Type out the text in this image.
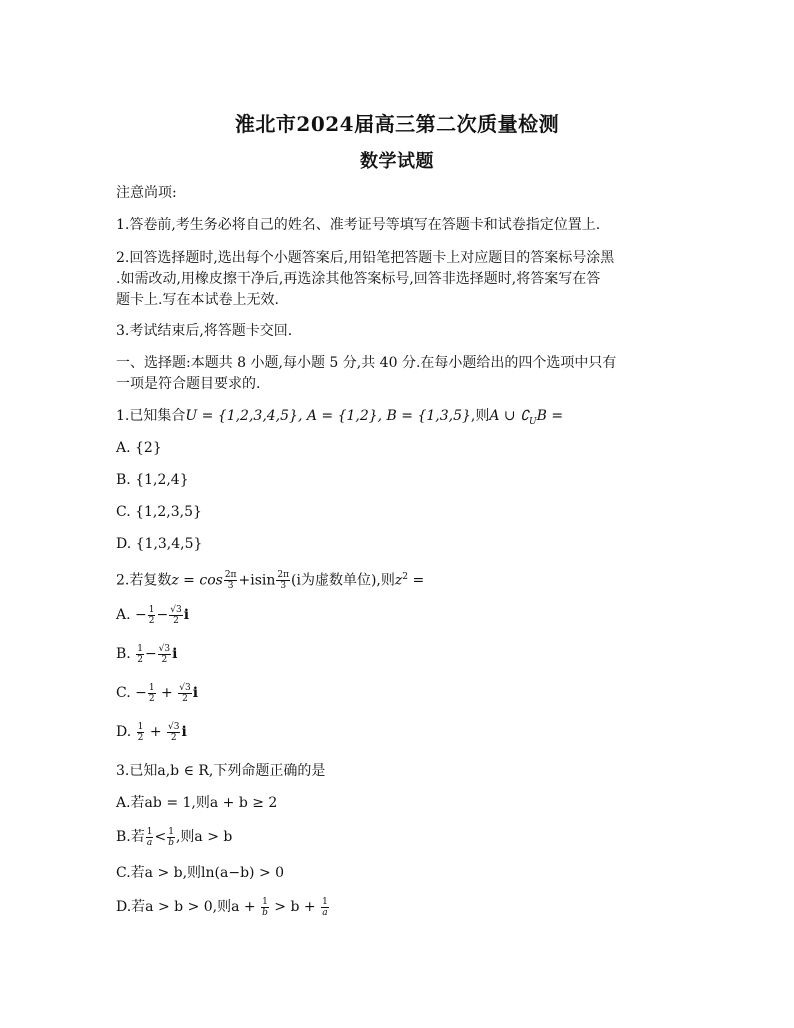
淮北市2024届高三第二次质量检测
数学试题
注意尚项:
1.答卷前,考生务必将自己的姓名、准考证号等填写在答题卡和试卷指定位置上.
2.回答选择题时,选出每个小题答案后,用铅笔把答题卡上对应题目的答案标号涂黑
.如需改动,用橡皮擦干净后,再选涂其他答案标号,回答非选择题时,将答案写在答
题卡上.写在本试卷上无效.
3.考试结束后,将答题卡交回.
一、选择题:本题共 8 小题,每小题 5 分,共 40 分.在每小题给出的四个选项中只有
一项是符合题目要求的.
1.已知集合U = {1,2,3,4,5}, A = {1,2}, B = {1,3,5},则A ∪ $∁_UB$ =
A. {2}
B. {1,2,4}
C. {1,2,3,5}
D. {1,3,4,5}
2.若复数$z = \cos \frac{2\pi}{3} +isin \frac{2\pi}{3} (i$为虚数单位),则$z^2$ =
A. − $\frac{1}{2} - \frac{√3}{2}$ i
B. $\frac{1}{2} - \frac{√3}{2}$ i
C. − $\frac{1}{2} + \frac{√3}{2}$ i
D. $\frac{1}{2} + \frac{√3}{2}$ i
3.已知a,b ∈ R,下列命题正确的是
A.若ab = 1,则a + b ≥ 2
B.若 $\frac{1}{a} < \frac{1}{b}$ ,则a > b
C.若a > b,则ln(a−b) > 0
D.若a > b > 0,则$a + \frac{1}{b} > b + \frac{1}{a}$
